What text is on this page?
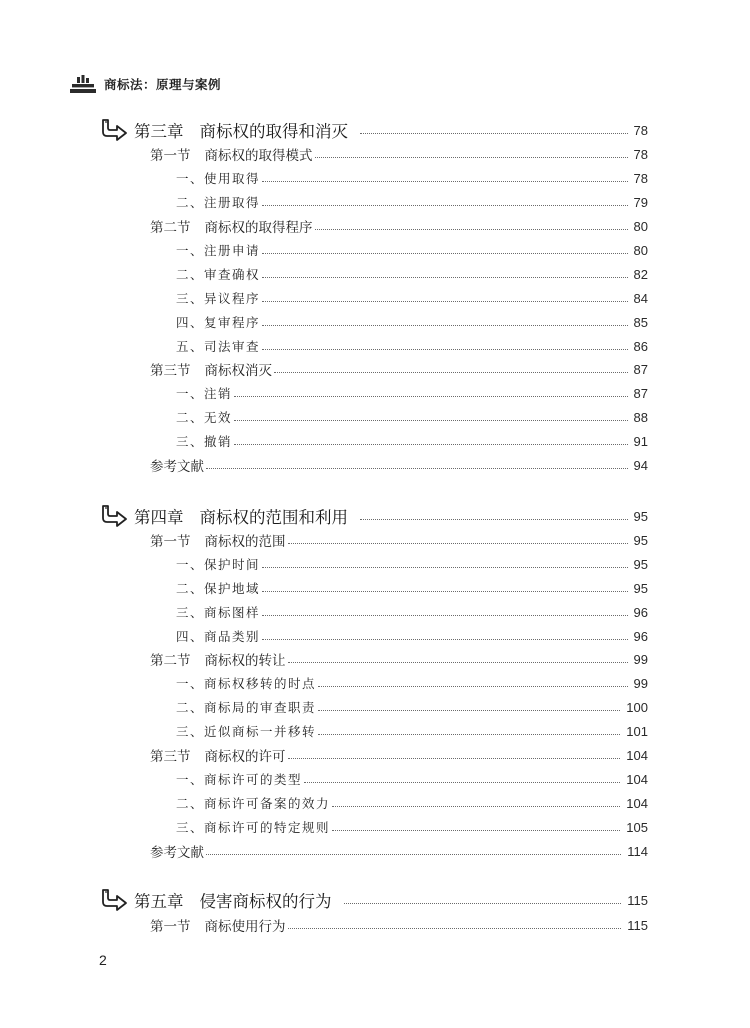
商标法：原理与案例
第三章 商标权的取得和消灭	78
第一节 商标权的取得模式	78
一、使用取得	78
二、注册取得	79
第二节 商标权的取得程序	80
一、注册申请	80
二、审查确权	82
三、异议程序	84
四、复审程序	85
五、司法审查	86
第三节 商标权消灭	87
一、注销	87
二、无效	88
三、撤销	91
参考文献	94
第四章 商标权的范围和利用	95
第一节 商标权的范围	95
一、保护时间	95
二、保护地域	95
三、商标图样	96
四、商品类别	96
第二节 商标权的转让	99
一、商标权移转的时点	99
二、商标局的审查职责	100
三、近似商标一并移转	101
第三节 商标权的许可	104
一、商标许可的类型	104
二、商标许可备案的效力	104
三、商标许可的特定规则	105
参考文献	114
第五章 侵害商标权的行为	115
第一节 商标使用行为	115
2
